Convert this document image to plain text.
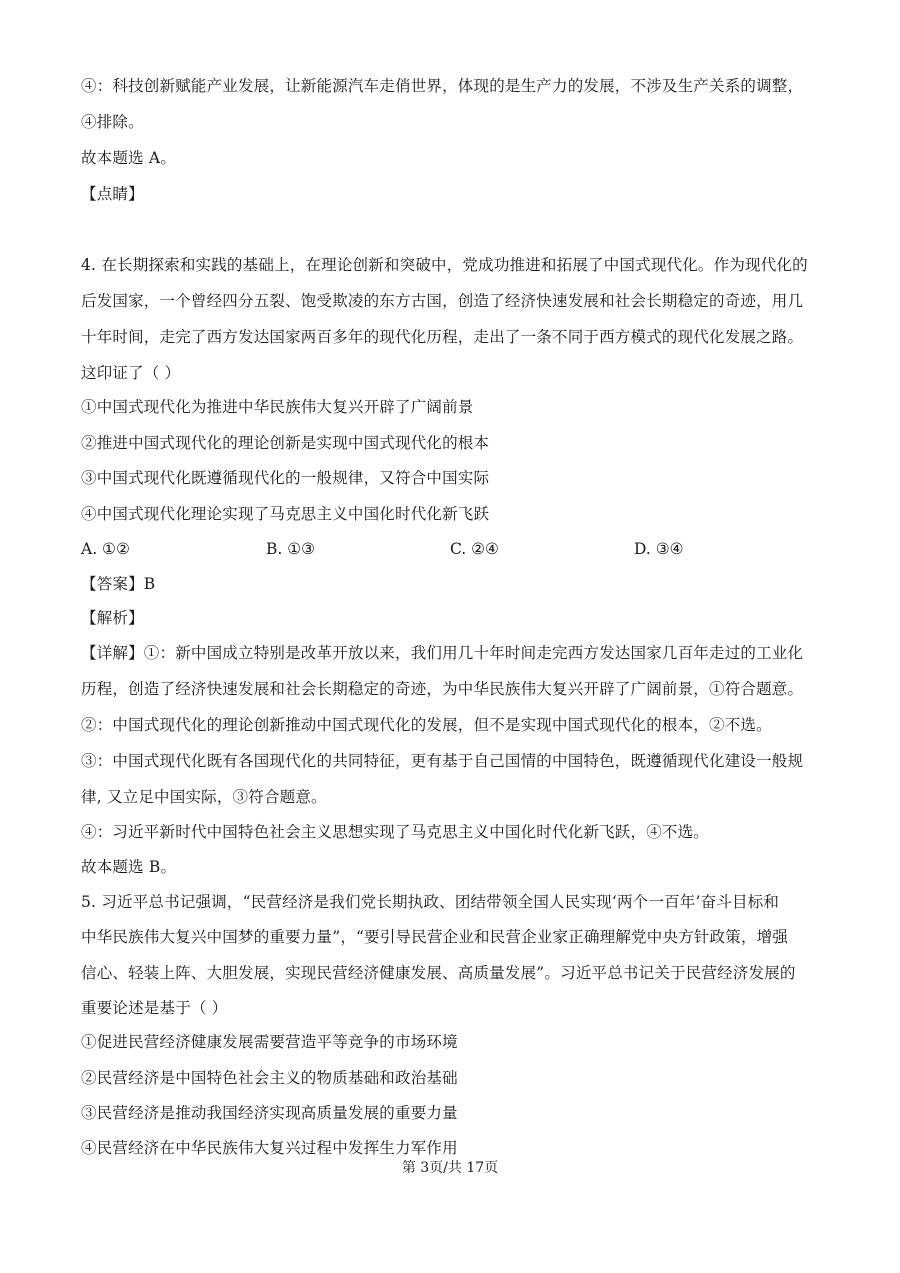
④：科技创新赋能产业发展，让新能源汽车走俏世界，体现的是生产力的发展，不涉及生产关系的调整，
④排除。
故本题选 A。
【点睛】
4. 在长期探索和实践的基础上，在理论创新和突破中，党成功推进和拓展了中国式现代化。作为现代化的
后发国家，一个曾经四分五裂、饱受欺凌的东方古国，创造了经济快速发展和社会长期稳定的奇迹，用几
十年时间，走完了西方发达国家两百多年的现代化历程，走出了一条不同于西方模式的现代化发展之路。
这印证了（ ）
①中国式现代化为推进中华民族伟大复兴开辟了广阔前景
②推进中国式现代化的理论创新是实现中国式现代化的根本
③中国式现代化既遵循现代化的一般规律，又符合中国实际
④中国式现代化理论实现了马克思主义中国化时代化新飞跃
A. ①②	B. ①③	C. ②④	D. ③④
【答案】B
【解析】
【详解】①：新中国成立特别是改革开放以来，我们用几十年时间走完西方发达国家几百年走过的工业化
历程，创造了经济快速发展和社会长期稳定的奇迹，为中华民族伟大复兴开辟了广阔前景，①符合题意。
②：中国式现代化的理论创新推动中国式现代化的发展，但不是实现中国式现代化的根本，②不选。
③：中国式现代化既有各国现代化的共同特征，更有基于自己国情的中国特色，既遵循现代化建设一般规
律, 又立足中国实际，③符合题意。
④：习近平新时代中国特色社会主义思想实现了马克思主义中国化时代化新飞跃，④不选。
故本题选 B。
5. 习近平总书记强调，“民营经济是我们党长期执政、团结带领全国人民实现‘两个一百年’奋斗目标和
中华民族伟大复兴中国梦的重要力量”，“要引导民营企业和民营企业家正确理解党中央方针政策，增强
信心、轻装上阵、大胆发展，实现民营经济健康发展、高质量发展”。习近平总书记关于民营经济发展的
重要论述是基于（ ）
①促进民营经济健康发展需要营造平等竞争的市场环境
②民营经济是中国特色社会主义的物质基础和政治基础
③民营经济是推动我国经济实现高质量发展的重要力量
④民营经济在中华民族伟大复兴过程中发挥生力军作用
第 3页/共 17页
